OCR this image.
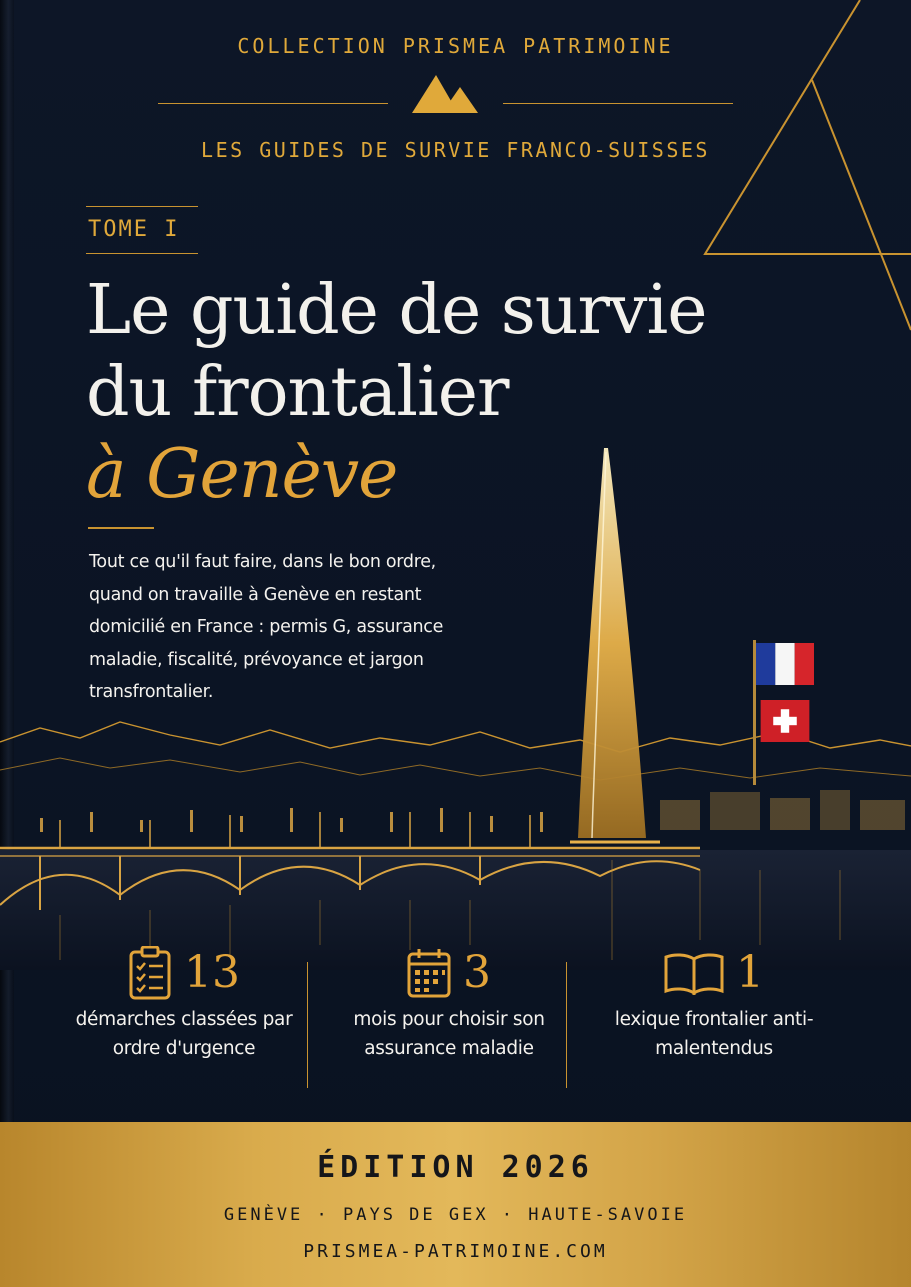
COLLECTION PRISMEA PATRIMOINE
LES GUIDES DE SURVIE FRANCO-SUISSES
TOME I
Le guide de survie
du frontalier
à Genève

Tout ce qu'il faut faire, dans le bon ordre, quand on travaille à Genève en restant domicilié en France : permis G, assurance maladie, fiscalité, prévoyance et jargon transfrontalier.

13
démarches classées par ordre d'urgence
3
mois pour choisir son assurance maladie
1
lexique frontalier anti-malentendus
ÉDITION 2026
GENÈVE · PAYS DE GEX · HAUTE-SAVOIE
PRISMEA-PATRIMOINE.COM
